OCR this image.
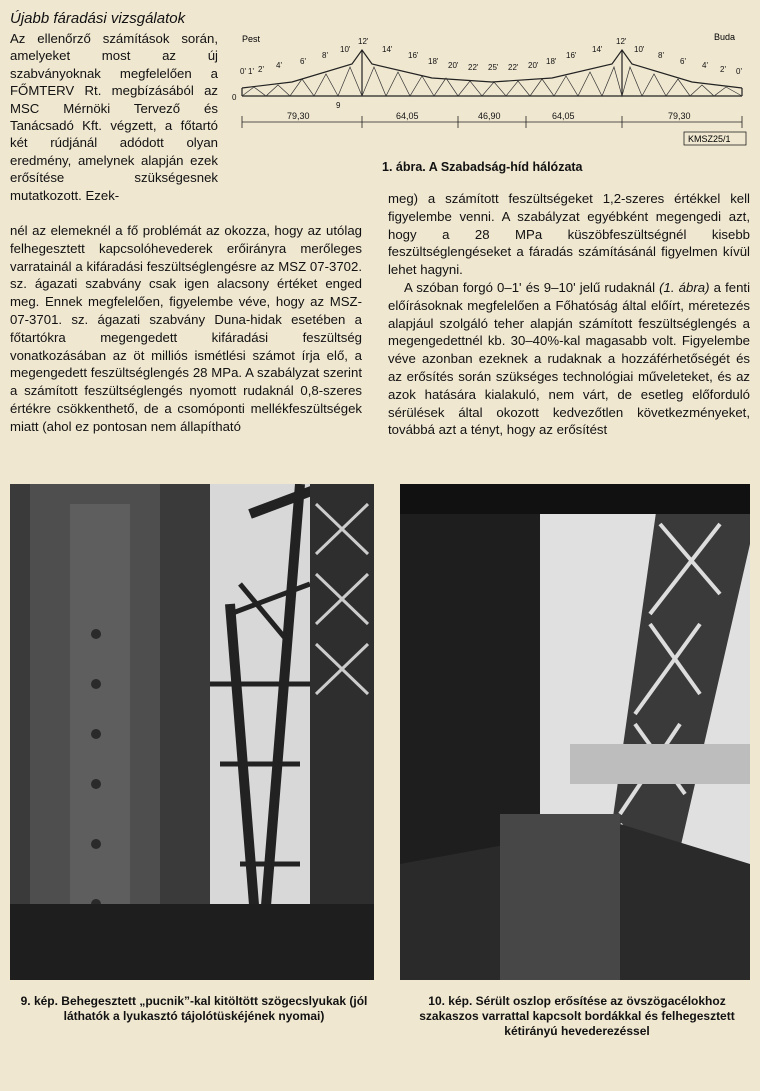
Újabb fáradási vizsgálatok

Az ellenőrző számítások során, amelyeket most az új szabványoknak megfelelően a FŐMTERV Rt. megbízásából az MSC Mérnöki Tervező és Tanácsadó Kft. végzett, a főtartó két rúdjánál adódott olyan eredmény, amelynek alapján ezek erősítése szükségesnek mutatkozott. Ezek-

nél az elemeknél a fő problémát az okozza, hogy az utólag felhegesztett kapcsolóhevederek erőirányra merőleges varratainál a kifáradási feszültséglengésre az MSZ 07-3702. sz. ágazati szabvány csak igen alacsony értéket enged meg. Ennek megfelelően, figyelembe véve, hogy az MSZ-07-3701. sz. ágazati szabvány Duna-hidak esetében a főtartókra megengedett kifáradási feszültség vonatkozásában az öt milliós ismétlési számot írja elő, a megengedett feszültséglengés 28 MPa. A szabályzat szerint a számított feszültséglengés nyomott rudaknál 0,8-szeres értékre csökkenthető, de a csomóponti mellékfeszültségek miatt (ahol ez pontosan nem állapítható

Pest	Buda
0' 1' 2' 4' 6'
8'
10'
12'
14'
16'
18' 20' 22' 25' 22' 20' 18'
16'
14'
12'
10'
8'
6' 4' 2' 0'
0
9
79,30	64,05	46,90	64,05	79,30
KMSZ25/1

1. ábra. A Szabadság-híd hálózata

meg) a számított feszültségeket 1,2-szeres értékkel kell figyelembe venni. A szabályzat egyébként megengedi azt, hogy a 28 MPa küszöbfeszültségnél kisebb feszültséglengéseket a fáradás számításánál figyelmen kívül lehet hagyni.

A szóban forgó 0–1' és 9–10' jelű rudaknál (1. ábra) a fenti előírásoknak megfelelően a Főhatóság által előírt, méretezés alapjául szolgáló teher alapján számított feszültséglengés a megengedettnél kb. 30–40%-kal magasabb volt. Figyelembe véve azonban ezeknek a rudaknak a hozzáférhetőségét és az erősítés során szükséges technológiai műveleteket, és az azok hatására kialakuló, nem várt, de esetleg előforduló sérülések által okozott kedvezőtlen következményeket, továbbá azt a tényt, hogy az erősítést

9. kép. Behegesztett „pucnik”-kal kitöltött szögecslyukak (jól láthatók a lyukasztó tájolótüskéjének nyomai)

10. kép. Sérült oszlop erősítése az övszögacélokhoz szakaszos varrattal kapcsolt bordákkal és felhegesztett kétirányú hevederezéssel
